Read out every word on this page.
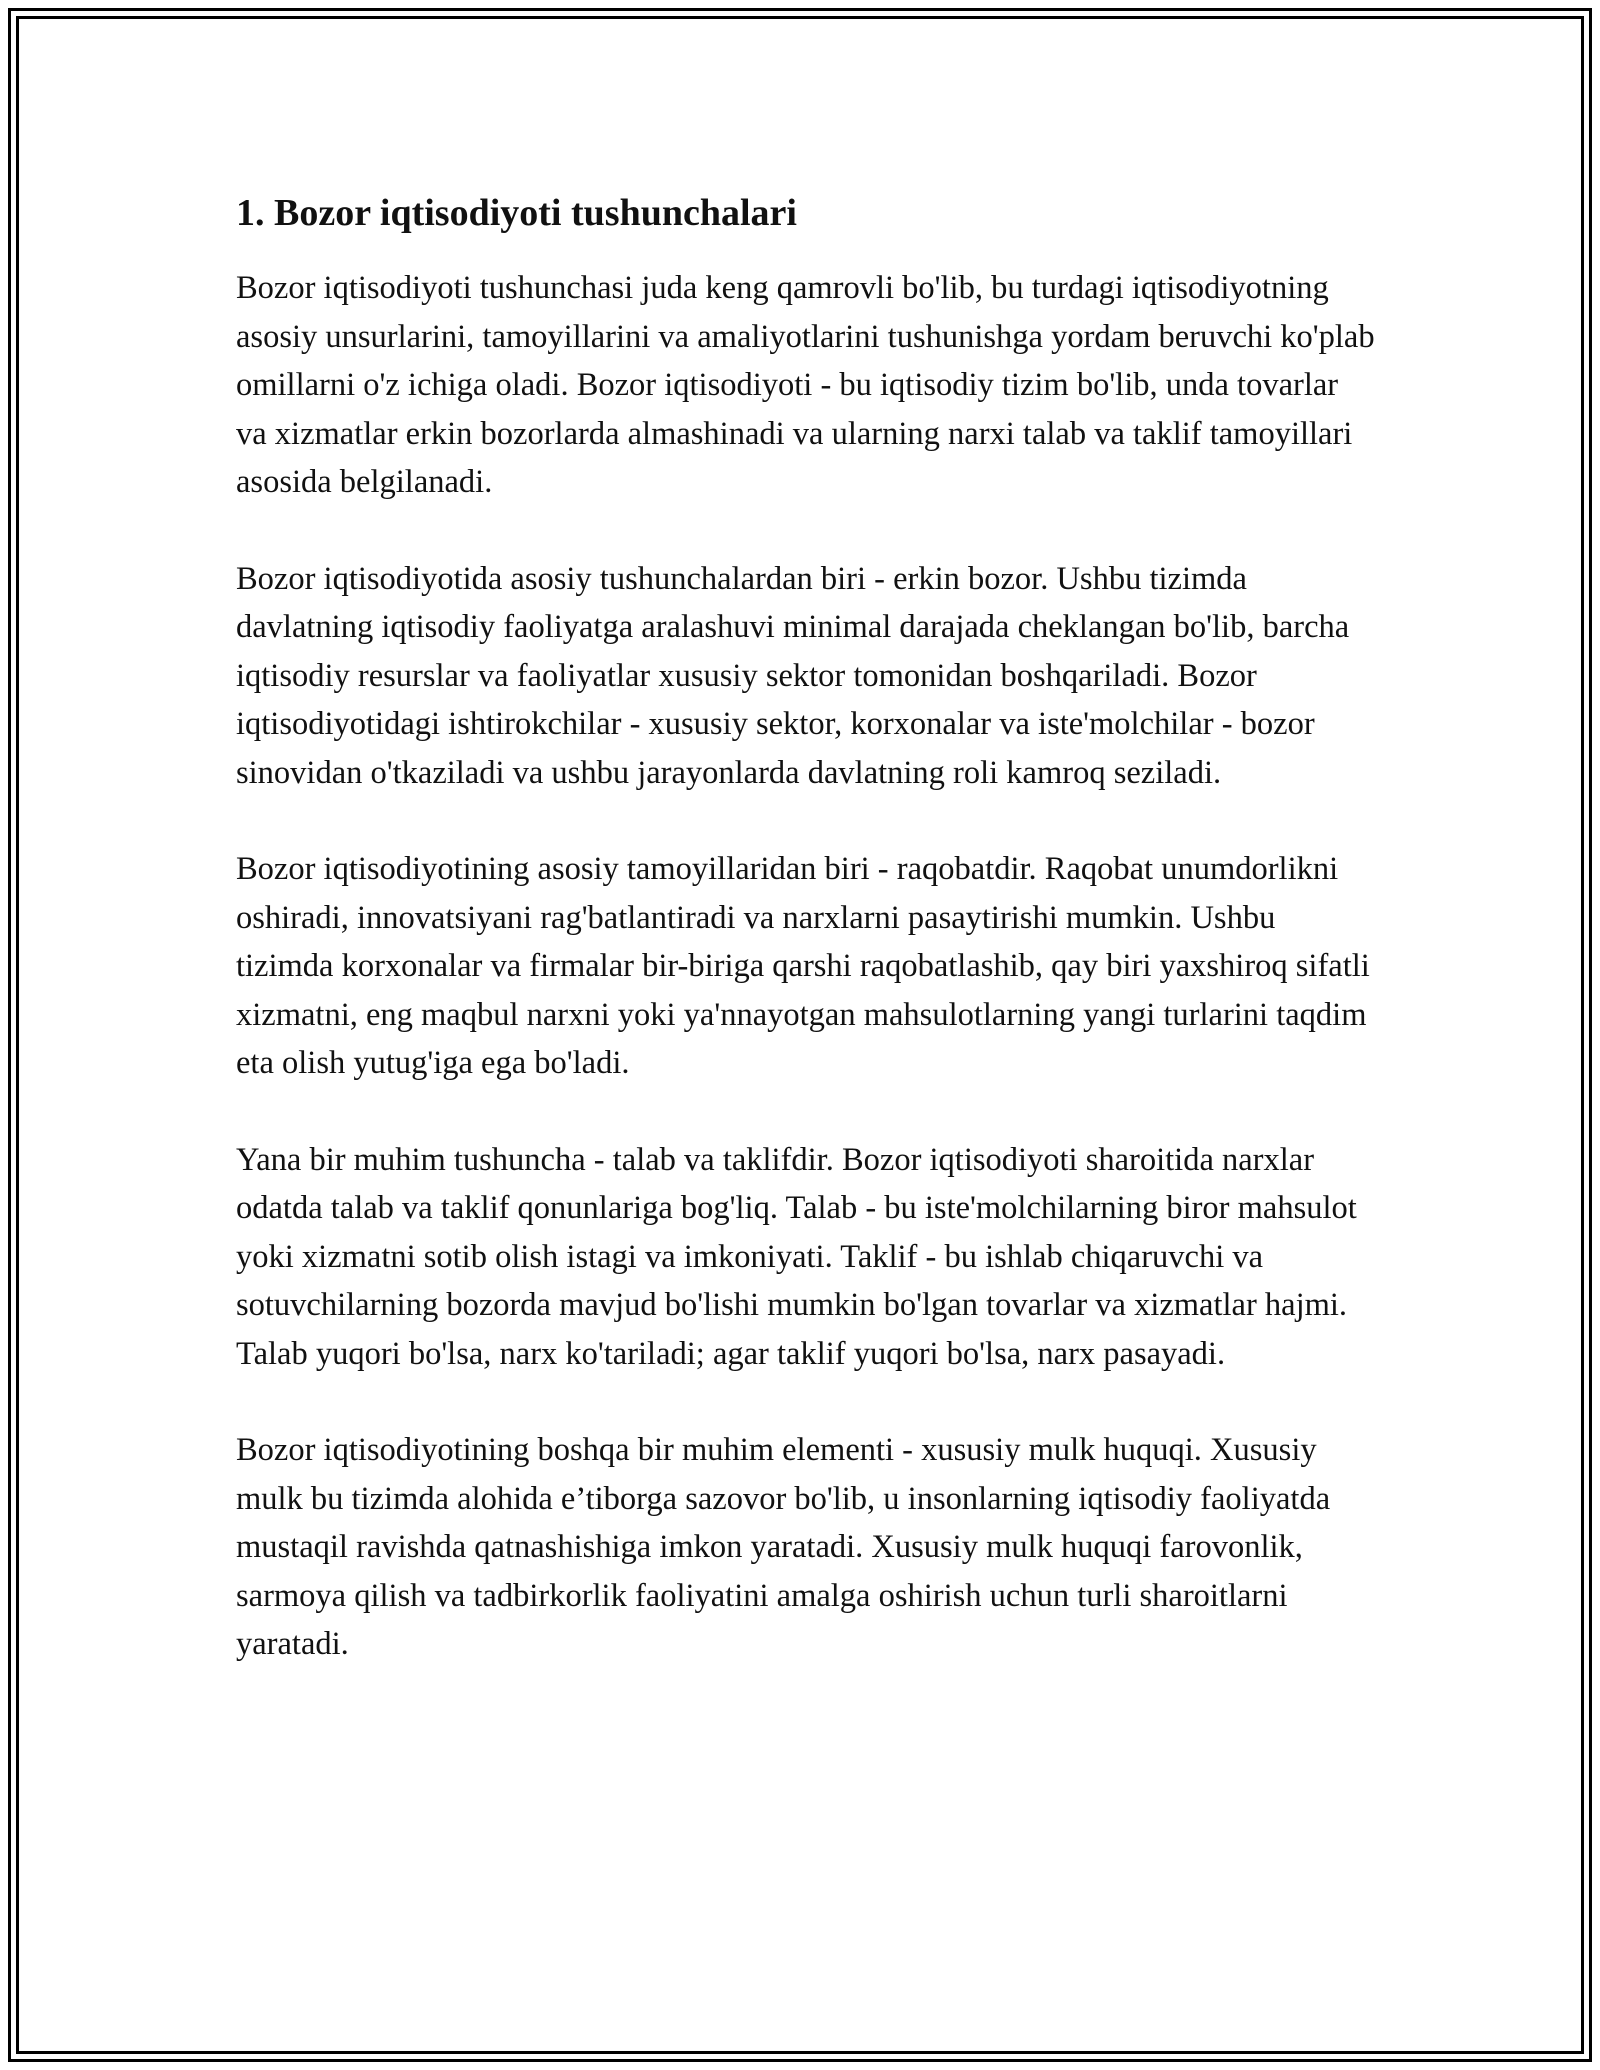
1. Bozor iqtisodiyoti tushunchalari

Bozor iqtisodiyoti tushunchasi juda keng qamrovli bo'lib, bu turdagi iqtisodiyotning asosiy unsurlarini, tamoyillarini va amaliyotlarini tushunishga yordam beruvchi ko'plab omillarni o'z ichiga oladi. Bozor iqtisodiyoti - bu iqtisodiy tizim bo'lib, unda tovarlar va xizmatlar erkin bozorlarda almashinadi va ularning narxi talab va taklif tamoyillari asosida belgilanadi.

Bozor iqtisodiyotida asosiy tushunchalardan biri - erkin bozor. Ushbu tizimda davlatning iqtisodiy faoliyatga aralashuvi minimal darajada cheklangan bo'lib, barcha iqtisodiy resurslar va faoliyatlar xususiy sektor tomonidan boshqariladi. Bozor iqtisodiyotidagi ishtirokchilar - xususiy sektor, korxonalar va iste'molchilar - bozor sinovidan o'tkaziladi va ushbu jarayonlarda davlatning roli kamroq seziladi.

Bozor iqtisodiyotining asosiy tamoyillaridan biri - raqobatdir. Raqobat unumdorlikni oshiradi, innovatsiyani rag'batlantiradi va narxlarni pasaytirishi mumkin. Ushbu tizimda korxonalar va firmalar bir-biriga qarshi raqobatlashib, qay biri yaxshiroq sifatli xizmatni, eng maqbul narxni yoki ya'nnayotgan mahsulotlarning yangi turlarini taqdim eta olish yutug'iga ega bo'ladi.

Yana bir muhim tushuncha - talab va taklifdir. Bozor iqtisodiyoti sharoitida narxlar odatda talab va taklif qonunlariga bog'liq. Talab - bu iste'molchilarning biror mahsulot yoki xizmatni sotib olish istagi va imkoniyati. Taklif - bu ishlab chiqaruvchi va sotuvchilarning bozorda mavjud bo'lishi mumkin bo'lgan tovarlar va xizmatlar hajmi. Talab yuqori bo'lsa, narx ko'tariladi; agar taklif yuqori bo'lsa, narx pasayadi.

Bozor iqtisodiyotining boshqa bir muhim elementi - xususiy mulk huquqi. Xususiy mulk bu tizimda alohida e’tiborga sazovor bo'lib, u insonlarning iqtisodiy faoliyatda mustaqil ravishda qatnashishiga imkon yaratadi. Xususiy mulk huquqi farovonlik, sarmoya qilish va tadbirkorlik faoliyatini amalga oshirish uchun turli sharoitlarni yaratadi.
